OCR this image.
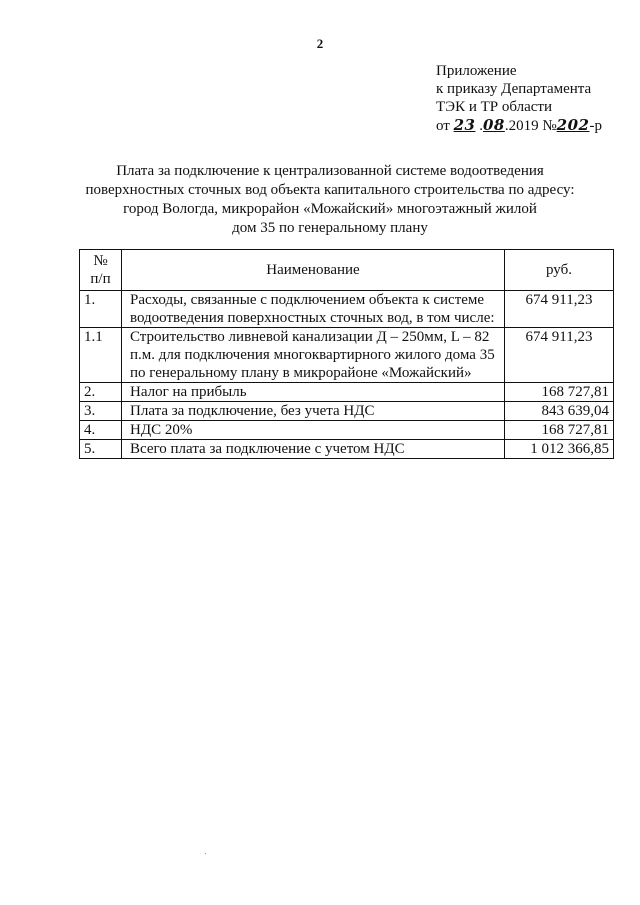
2
Приложение
к приказу Департамента
ТЭК и ТР области
от 23 .08.2019 №202-р
Плата за подключение к централизованной системе водоотведения
поверхностных сточных вод объекта капитального строительства по адресу:
город Вологда, микрорайон «Можайский» многоэтажный жилой
дом 35 по генеральному плану
№
п/п	Наименование	руб.
1.	Расходы, связанные с подключением объекта к системе водоотведения поверхностных сточных вод, в том числе:	674 911,23
1.1	Строительство ливневой канализации Д – 250мм, L – 82 п.м. для подключения многоквартирного жилого дома 35 по генеральному плану в микрорайоне «Можайский»	674 911,23
2.	Налог на прибыль	168 727,81
3.	Плата за подключение, без учета НДС	843 639,04
4.	НДС 20%	168 727,81
5.	Всего плата за подключение с учетом НДС	1 012 366,85
